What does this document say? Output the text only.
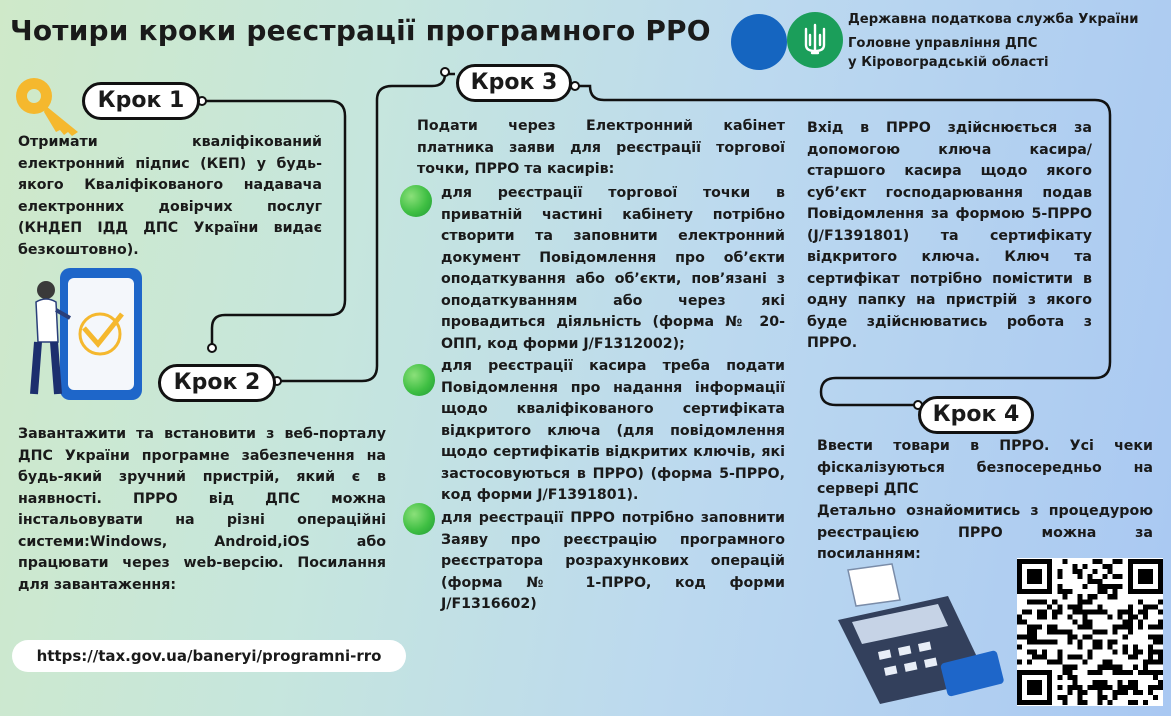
Чотири кроки реєстрації програмного РРО	Державна податкова служба України
Головне управління ДПС
у Кіровоградській області
Крок 1
Отримати кваліфікований електронний підпис (КЕП) у будь-якого Кваліфікованого надавача електронних довірчих послуг (КНДЕП ІДД ДПС України видає безкоштовно).
Крок 2
Завантажити та встановити з веб-порталу ДПС України програмне забезпечення на будь-який зручний пристрій, який є в наявності. ПРРО від ДПС можна інстальовувати на різні операційні системи:Windows, Android,iOS або працювати через web-версію. Посилання для завантаження:
https://tax.gov.ua/baneryi/programni-rro
Крок 3
Подати через Електронний кабінет платника заяви для реєстрації торгової точки, ПРРО та касирів:
для реєстрації торгової точки в приватній частині кабінету потрібно створити та заповнити електронний документ Повідомлення про об’єкти оподаткування або об’єкти, пов’язані з оподаткуванням або через які провадиться діяльність (форма № 20-ОПП, код форми J/F1312002);
для реєстрації касира треба подати Повідомлення про надання інформації щодо кваліфікованого сертифіката відкритого ключа (для повідомлення щодо сертифікатів відкритих ключів, які застосовуються в ПРРО) (форма 5-ПРРО, код форми J/F1391801).
для реєстрації ПРРО потрібно заповнити Заяву про реєстрацію програмного реєстратора розрахункових операцій (форма № 1-ПРРО, код форми J/F1316602)
Вхід в ПРРО здійснюється за допомогою ключа касира/ старшого касира щодо якого суб’єкт господарювання подав Повідомлення за формою 5-ПРРО (J/F1391801) та сертифікату відкритого ключа. Ключ та сертифікат потрібно помістити в одну папку на пристрій з якого буде здійснюватись робота з ПРРО.
Крок 4
Ввести товари в ПРРО. Усі чеки фіскалізуються безпосередньо на сервері ДПС
Детально ознайомитись з процедурою реєстрацією ПРРО можна за посиланням:
